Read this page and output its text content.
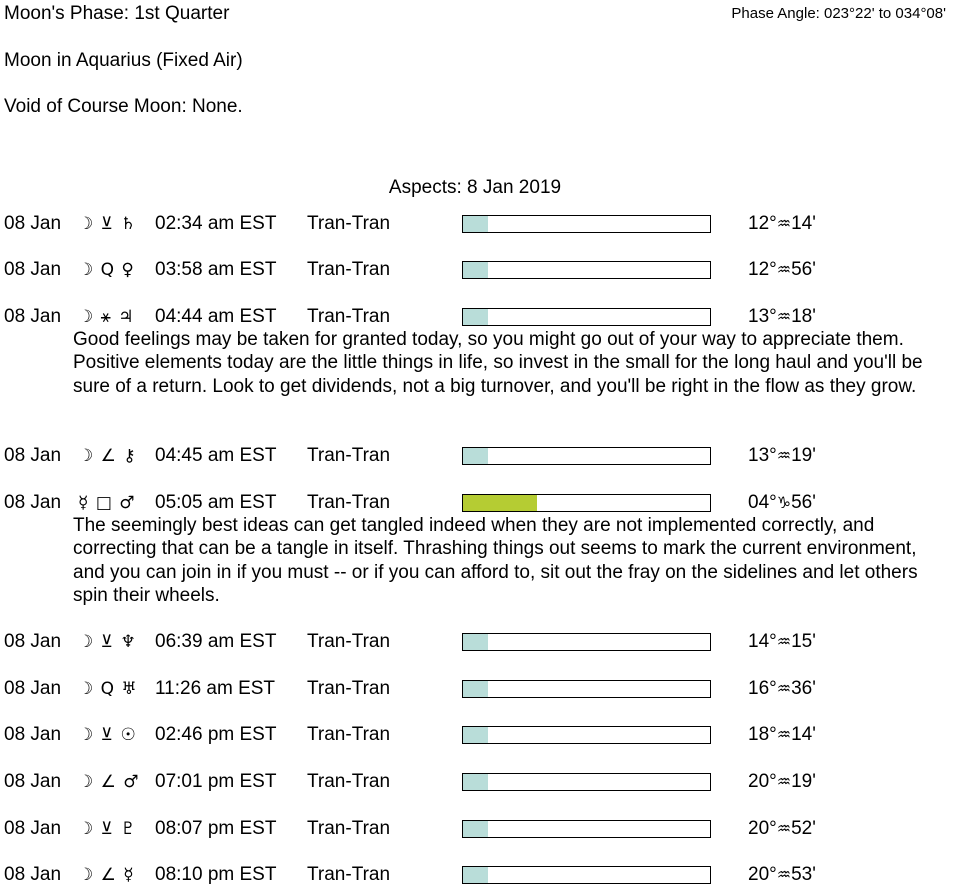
Moon's Phase: 1st Quarter	Phase Angle: 023°22' to 034°08'
Moon in Aquarius (Fixed Air)
Void of Course Moon: None.
Aspects: 8 Jan 2019
08 Jan ☽ ⊻ ♄ 02:34 am EST Tran-Tran	12°♒14'
08 Jan ☽ Q ♀ 03:58 am EST Tran-Tran	12°♒56'
08 Jan ☽ ⚹ ♃ 04:44 am EST Tran-Tran	13°♒18'
Good feelings may be taken for granted today, so you might go out of your way to appreciate them. Positive elements today are the little things in life, so invest in the small for the long haul and you'll be sure of a return. Look to get dividends, not a big turnover, and you'll be right in the flow as they grow.
08 Jan ☽ ∠ ⚷ 04:45 am EST Tran-Tran	13°♒19'
08 Jan ☿ □ ♂ 05:05 am EST Tran-Tran	04°♑56'
The seemingly best ideas can get tangled indeed when they are not implemented correctly, and correcting that can be a tangle in itself. Thrashing things out seems to mark the current environment, and you can join in if you must -- or if you can afford to, sit out the fray on the sidelines and let others spin their wheels.
08 Jan ☽ ⊻ ♆ 06:39 am EST Tran-Tran	14°♒15'
08 Jan ☽ Q ♅ 11:26 am EST Tran-Tran	16°♒36'
08 Jan ☽ ⊻ ☉ 02:46 pm EST Tran-Tran	18°♒14'
08 Jan ☽ ∠ ♂ 07:01 pm EST Tran-Tran	20°♒19'
08 Jan ☽ ⊻ ♇ 08:07 pm EST Tran-Tran	20°♒52'
08 Jan ☽ ∠ ☿ 08:10 pm EST Tran-Tran	20°♒53'
